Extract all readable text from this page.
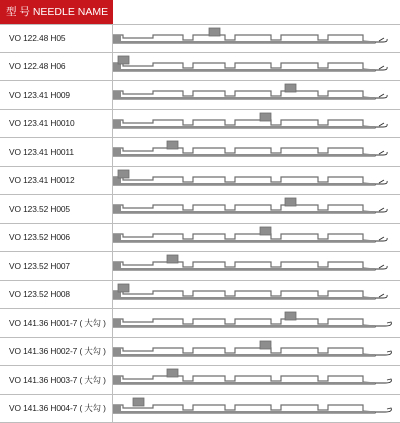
型 号 NEEDLE NAME
VO 122.48 H05
VO 122.48 H06
VO 123.41 H009
VO 123.41 H0010
VO 123.41 H0011
VO 123.41 H0012
VO 123.52 H005
VO 123.52 H006
VO 123.52 H007
VO 123.52 H008
VO 141.36 H001-7 ( 大勾 )
VO 141.36 H002-7 ( 大勾 )
VO 141.36 H003-7 ( 大勾 )
VO 141.36 H004-7 ( 大勾 )
